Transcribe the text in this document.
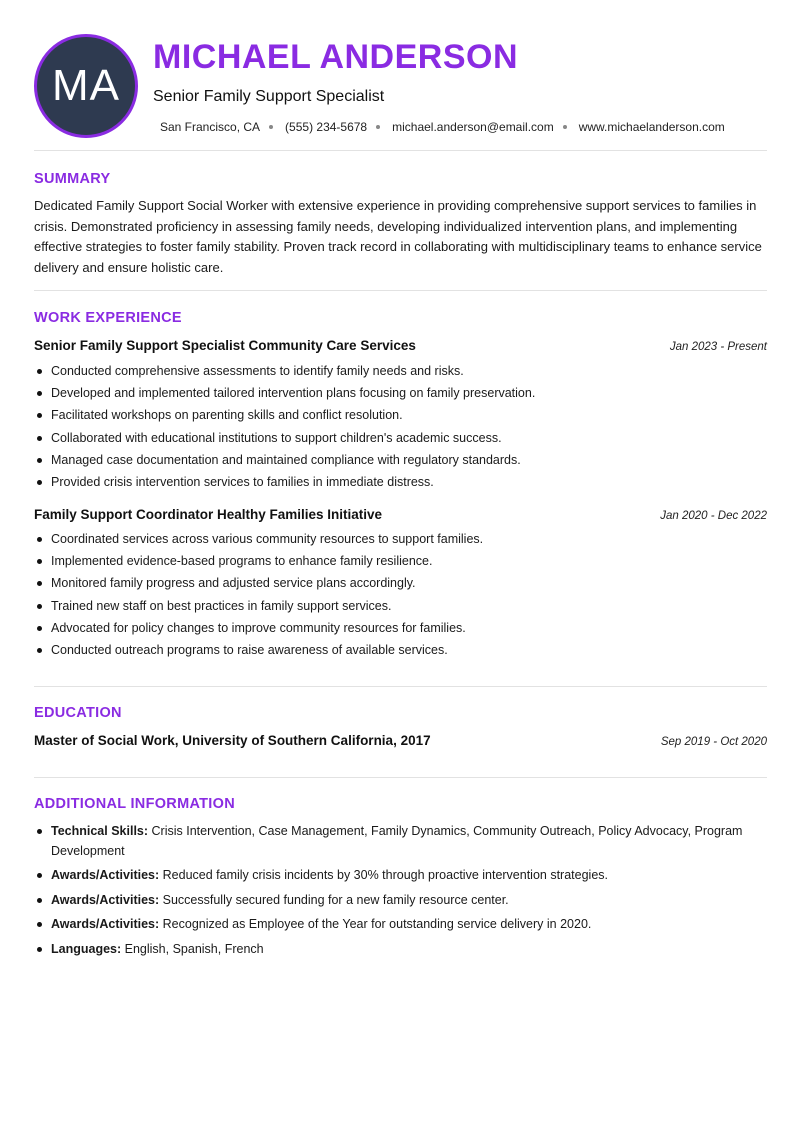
MA
MICHAEL ANDERSON
Senior Family Support Specialist
San Francisco, CA (555) 234-5678 michael.anderson@email.com www.michaelanderson.com
SUMMARY
Dedicated Family Support Social Worker with extensive experience in providing comprehensive support services to families in crisis. Demonstrated proficiency in assessing family needs, developing individualized intervention plans, and implementing effective strategies to foster family stability. Proven track record in collaborating with multidisciplinary teams to enhance service delivery and ensure holistic care.
WORK EXPERIENCE
Senior Family Support Specialist Community Care Services	Jan 2023 - Present
Conducted comprehensive assessments to identify family needs and risks.
Developed and implemented tailored intervention plans focusing on family preservation.
Facilitated workshops on parenting skills and conflict resolution.
Collaborated with educational institutions to support children's academic success.
Managed case documentation and maintained compliance with regulatory standards.
Provided crisis intervention services to families in immediate distress.
Family Support Coordinator Healthy Families Initiative	Jan 2020 - Dec 2022
Coordinated services across various community resources to support families.
Implemented evidence-based programs to enhance family resilience.
Monitored family progress and adjusted service plans accordingly.
Trained new staff on best practices in family support services.
Advocated for policy changes to improve community resources for families.
Conducted outreach programs to raise awareness of available services.
EDUCATION
Master of Social Work, University of Southern California, 2017	Sep 2019 - Oct 2020
ADDITIONAL INFORMATION
Technical Skills: Crisis Intervention, Case Management, Family Dynamics, Community Outreach, Policy Advocacy, Program Development
Awards/Activities: Reduced family crisis incidents by 30% through proactive intervention strategies.
Awards/Activities: Successfully secured funding for a new family resource center.
Awards/Activities: Recognized as Employee of the Year for outstanding service delivery in 2020.
Languages: English, Spanish, French
